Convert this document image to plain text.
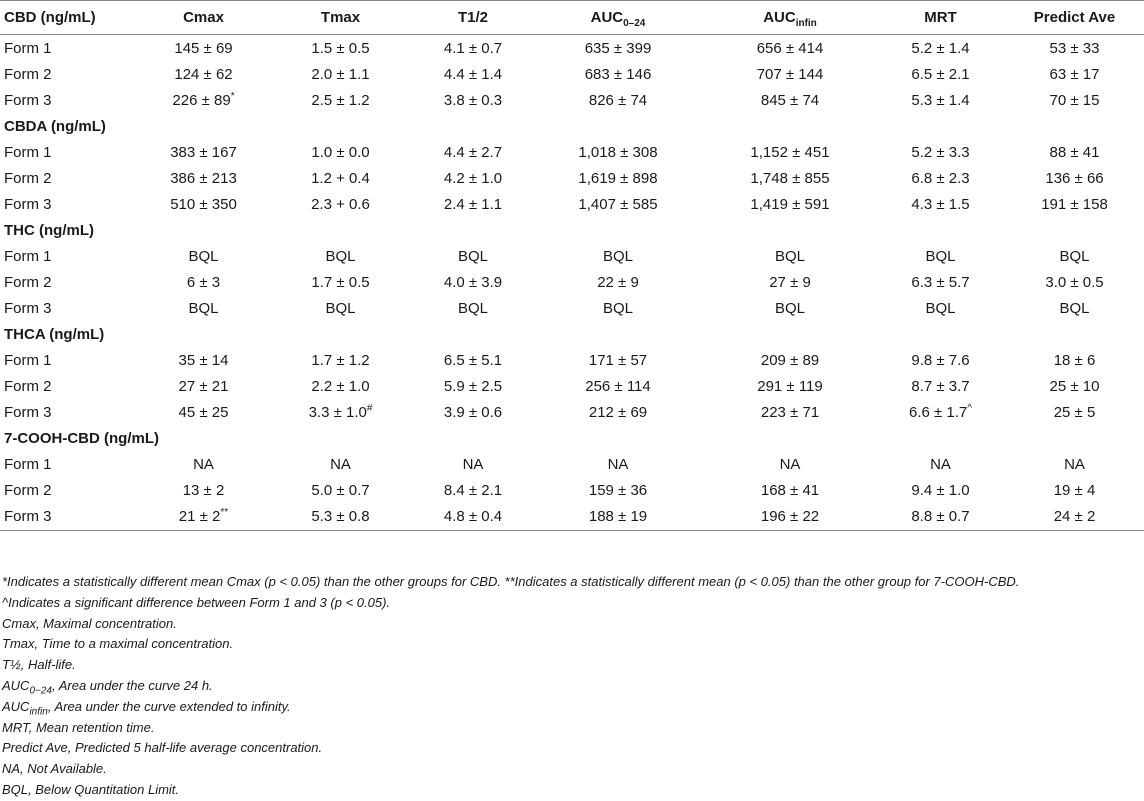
CBD (ng/mL)	Cmax	Tmax	T1/2	$AUC_{0-24}$	$AUC_{infin}$	MRT	Predict Ave
Form 1	145 ± 69	1.5 ± 0.5	4.1 ± 0.7	635 ± 399	656 ± 414	5.2 ± 1.4	53 ± 33
Form 2	124 ± 62	2.0 ± 1.1	4.4 ± 1.4	683 ± 146	707 ± 144	6.5 ± 2.1	63 ± 17
Form 3	226 ± 89*	2.5 ± 1.2	3.8 ± 0.3	826 ± 74	845 ± 74	5.3 ± 1.4	70 ± 15
CBDA (ng/mL)							
Form 1	383 ± 167	1.0 ± 0.0	4.4 ± 2.7	1,018 ± 308	1,152 ± 451	5.2 ± 3.3	88 ± 41
Form 2	386 ± 213	1.2 + 0.4	4.2 ± 1.0	1,619 ± 898	1,748 ± 855	6.8 ± 2.3	136 ± 66
Form 3	510 ± 350	2.3 + 0.6	2.4 ± 1.1	1,407 ± 585	1,419 ± 591	4.3 ± 1.5	191 ± 158
THC (ng/mL)							
Form 1	BQL	BQL	BQL	BQL	BQL	BQL	BQL
Form 2	6 ± 3	1.7 ± 0.5	4.0 ± 3.9	22 ± 9	27 ± 9	6.3 ± 5.7	3.0 ± 0.5
Form 3	BQL	BQL	BQL	BQL	BQL	BQL	BQL
THCA (ng/mL)							
Form 1	35 ± 14	1.7 ± 1.2	6.5 ± 5.1	171 ± 57	209 ± 89	9.8 ± 7.6	18 ± 6
Form 2	27 ± 21	2.2 ± 1.0	5.9 ± 2.5	256 ± 114	291 ± 119	8.7 ± 3.7	25 ± 10
Form 3	45 ± 25	3.3 ± 1.0#	3.9 ± 0.6	212 ± 69	223 ± 71	6.6 ± 1.7^	25 ± 5
7-COOH-CBD (ng/mL)							
Form 1	NA	NA	NA	NA	NA	NA	NA
Form 2	13 ± 2	5.0 ± 0.7	8.4 ± 2.1	159 ± 36	168 ± 41	9.4 ± 1.0	19 ± 4
Form 3	21 ± 2**	5.3 ± 0.8	4.8 ± 0.4	188 ± 19	196 ± 22	8.8 ± 0.7	24 ± 2
*Indicates a statistically different mean Cmax (p < 0.05) than the other groups for CBD. **Indicates a statistically different mean (p < 0.05) than the other group for 7-COOH-CBD.
^Indicates a significant difference between Form 1 and 3 (p < 0.05).
Cmax, Maximal concentration.
Tmax, Time to a maximal concentration.
T½, Half-life.
$AUC_{0-24}$, Area under the curve 24 h.
$AUC_{infin}$, Area under the curve extended to infinity.
MRT, Mean retention time.
Predict Ave, Predicted 5 half-life average concentration.
NA, Not Available.
BQL, Below Quantitation Limit.
